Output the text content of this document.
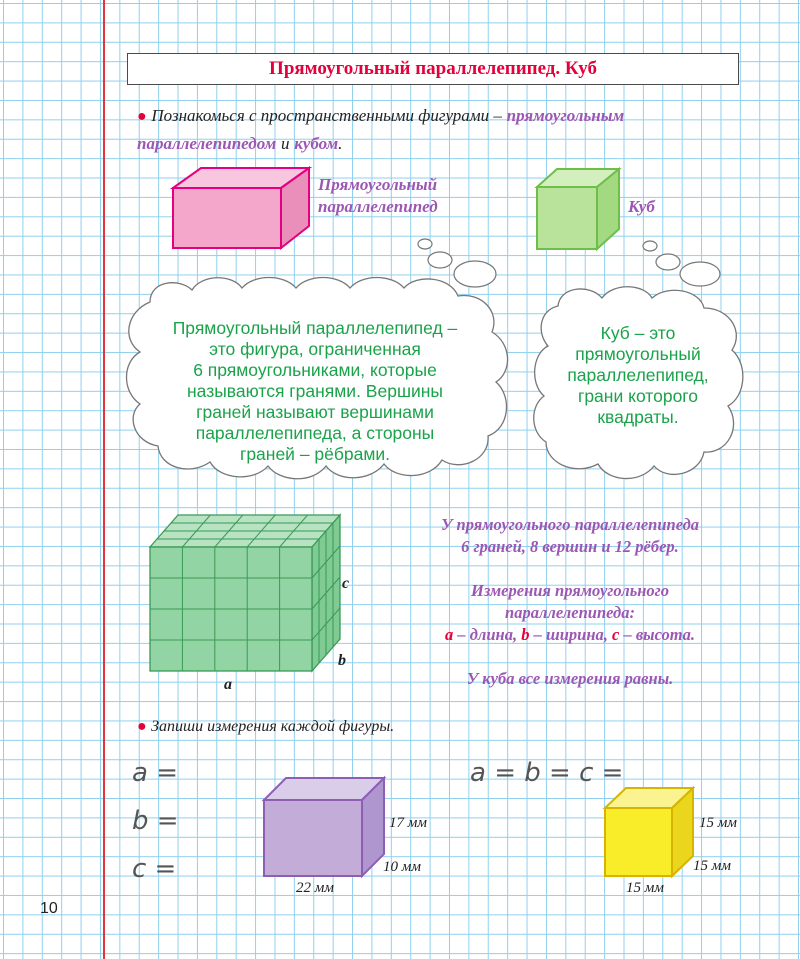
Прямоугольный параллелепипед. Куб
● Познакомься с пространственными фигурами – прямоугольным параллелепипедом и кубом.
Прямоугольный
параллелепипед	Куб
Прямоугольный параллелепипед –
это фигура, ограниченная
6 прямоугольниками, которые
называются гранями. Вершины
граней называют вершинами
параллелепипеда, а стороны
граней – рёбрами.
Куб – это
прямоугольный
параллелепипед,
грани которого
квадраты.
a
b
c
У прямоугольного параллелепипеда
6 граней, 8 вершин и 12 рёбер.
Измерения прямоугольного
параллелепипеда:
a – длина, b – ширина, c – высота.
У куба все измерения равны.
● Запиши измерения каждой фигуры.
a =
b =
c =
a = b = c =
17 мм
10 мм
22 мм
15 мм
15 мм
15 мм
10
